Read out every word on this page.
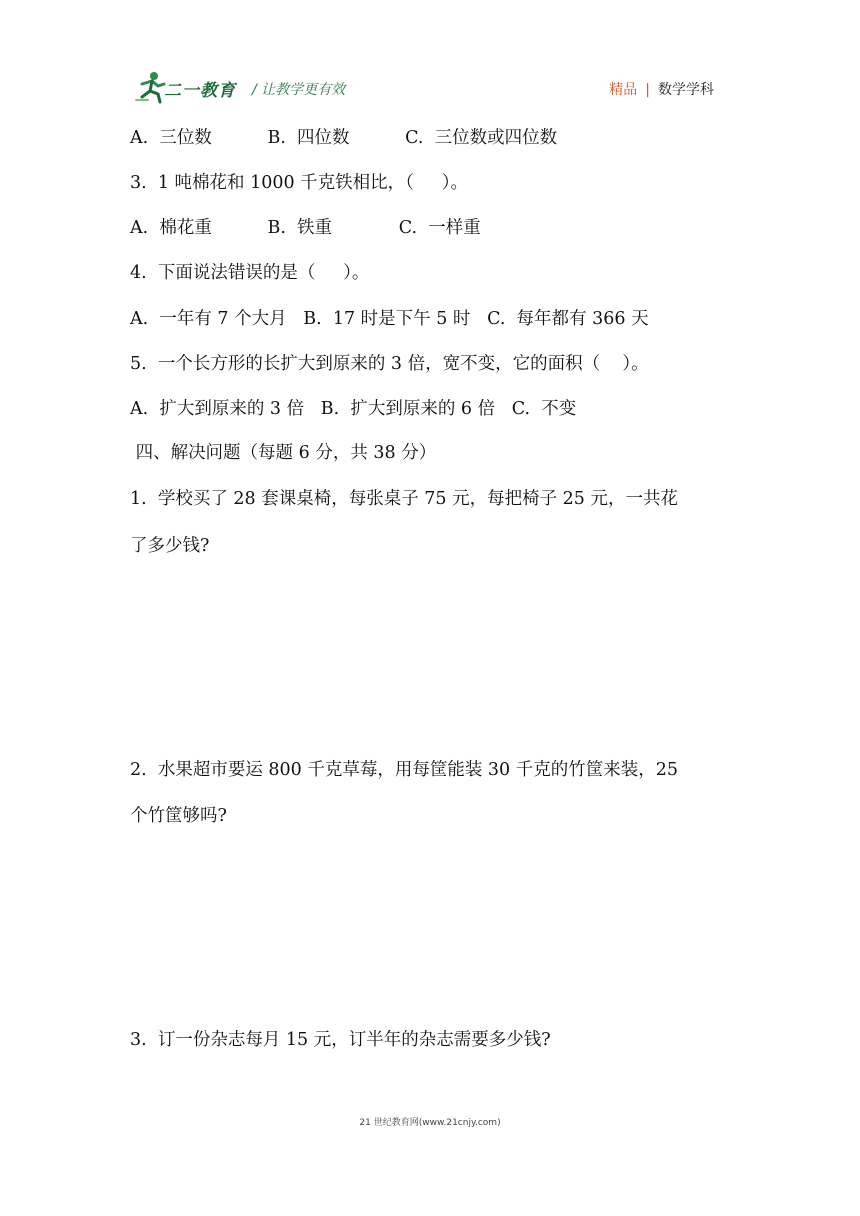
二一教育 / 让教学更有效	精品 | 数学学科
A.  三位数          B.  四位数          C.  三位数或四位数
3.  1 吨棉花和 1000 千克铁相比，（     ）。
A.  棉花重          B.  铁重            C.  一样重
4.  下面说法错误的是（     ）。
A.  一年有 7 个大月   B.  17 时是下午 5 时   C.  每年都有 366 天
5.  一个长方形的长扩大到原来的 3 倍，宽不变，它的面积（    ）。
A.  扩大到原来的 3 倍   B.  扩大到原来的 6 倍   C.  不变
四、解决问题（每题 6 分，共 38 分）
1.  学校买了 28 套课桌椅，每张桌子 75 元，每把椅子 25 元，一共花
了多少钱?
2.  水果超市要运 800 千克草莓，用每筐能装 30 千克的竹筐来装，25
个竹筐够吗?
3.  订一份杂志每月 15 元，订半年的杂志需要多少钱?
21 世纪教育网(www.21cnjy.com)
